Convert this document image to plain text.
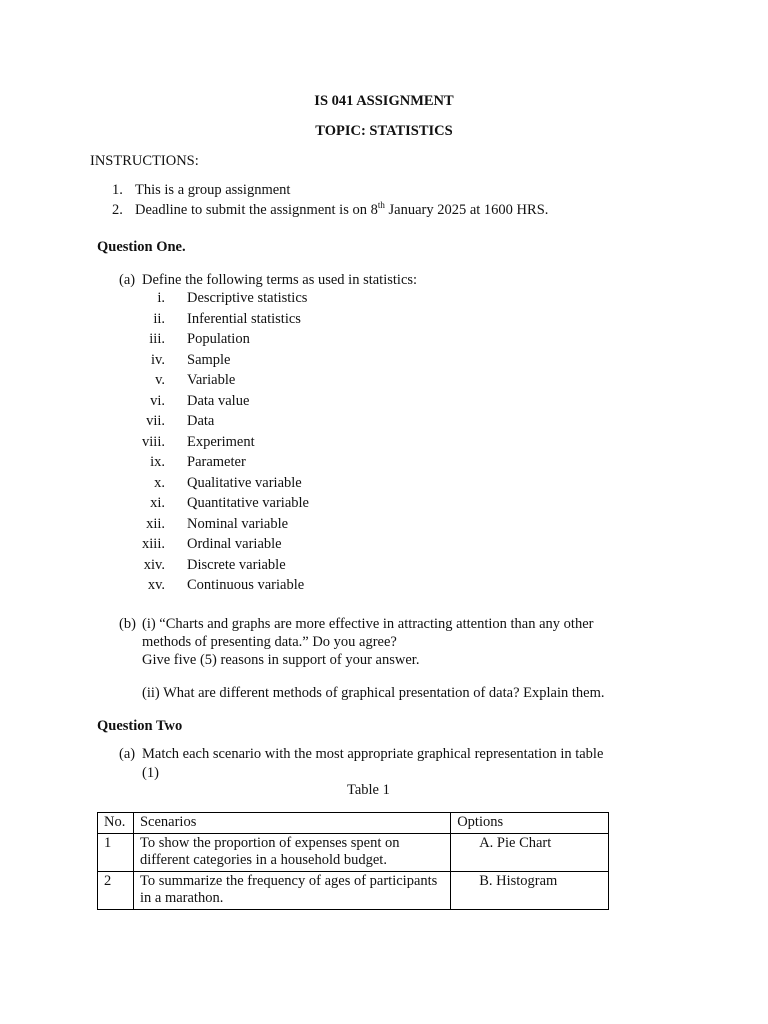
IS 041 ASSIGNMENT
TOPIC: STATISTICS
INSTRUCTIONS:
1. This is a group assignment
2. Deadline to submit the assignment is on 8th January 2025 at 1600 HRS.
Question One.
(a) Define the following terms as used in statistics:
i. Descriptive statistics
ii. Inferential statistics
iii. Population
iv. Sample
v. Variable
vi. Data value
vii. Data
viii. Experiment
ix. Parameter
x. Qualitative variable
xi. Quantitative variable
xii. Nominal variable
xiii. Ordinal variable
xiv. Discrete variable
xv. Continuous variable
(b) (i) “Charts and graphs are more effective in attracting attention than any other
methods of presenting data.” Do you agree?
Give five (5) reasons in support of your answer.
(ii) What are different methods of graphical presentation of data? Explain them.
Question Two
(a) Match each scenario with the most appropriate graphical representation in table
(1)
Table 1
No.	Scenarios	Options
1	To show the proportion of expenses spent on different categories in a household budget.	A. Pie Chart
2	To summarize the frequency of ages of participants in a marathon.	B. Histogram
